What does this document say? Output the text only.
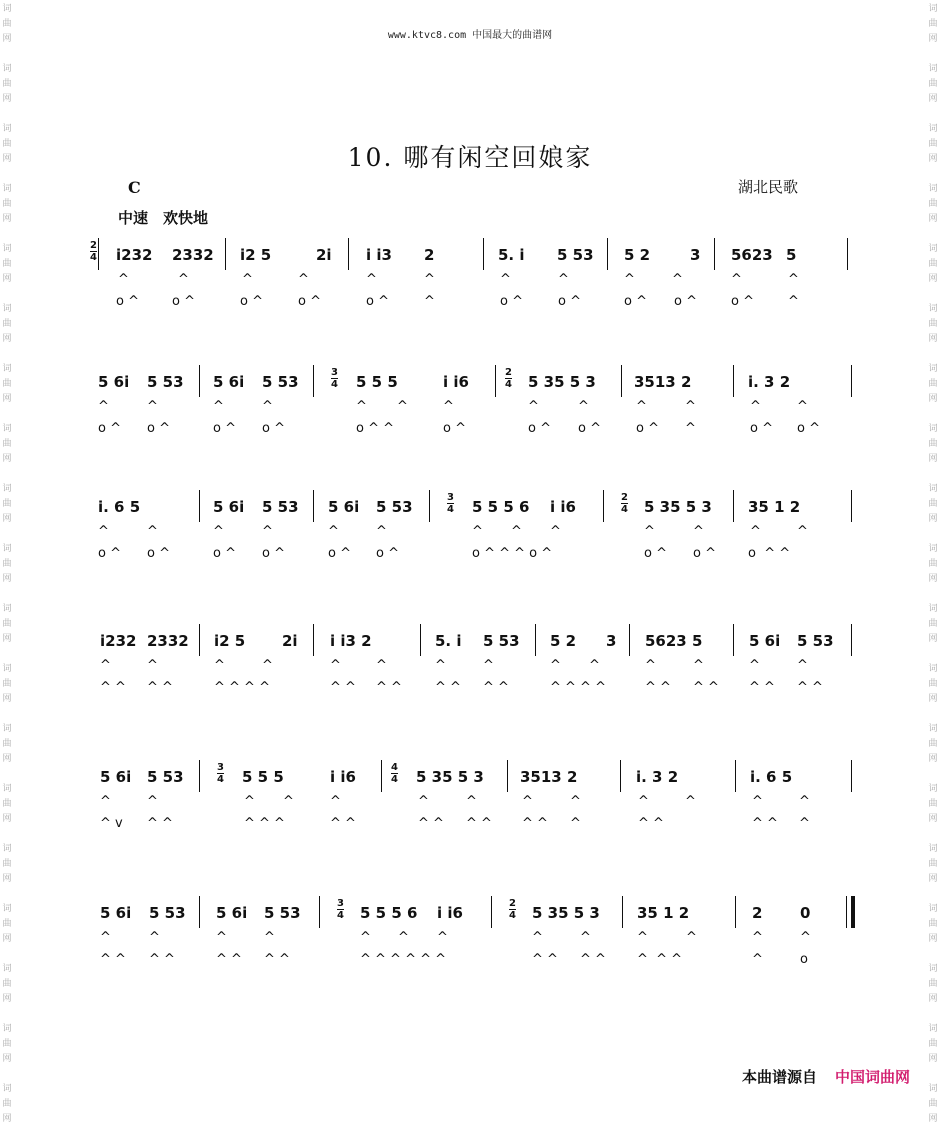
词
曲
网
词
曲
网
词
曲
网
词
曲
网
词
曲
网
词
曲
网
词
曲
网
词
曲
网
词
曲
网
词
曲
网
词
曲
网
词
曲
网
词
曲
网
词
曲
网
词
曲
网
词
曲
网
词
曲
网
词
曲
网
词
曲
网
词
曲
网
词
曲
网
词
曲
网
词
曲
网
词
曲
网
词
曲
网
词
曲
网
词
曲
网
词
曲
网
词
曲
网
词
曲
网
词
曲
网
词
曲
网
词
曲
网
词
曲
网
词
曲
网
词
曲
网
词
曲
网
词
曲
网
www.ktvc8.com 中国最大的曲谱网
10. 哪有闲空回娘家
湖北民歌
C
中速　欢快地
i232 2332 i2 5	2i i i3 2	5. i 5 53 5 2	3 5623 5
^	^	^	^	^	^	^	^	^	^	^	^
o ^	o ^	o ^	o ^	o ^	^	o ^	o ^	o ^ o ^	o ^	^
$\frac{2}{4}$
5 6i 5 53 5 6i 5 53	5 5 5	i i6	5 35 5 3	3513 2	i. 3 2
^	^	^	^	^ ^	^	^	^	^	^	^	^
o ^ o ^	o ^ o ^	o ^ ^	o ^	o ^ o ^	o ^ ^	o ^ o ^
$\frac{3}{4}$	$\frac{2}{4}$
i. 6 5	5 6i 5 53 5 6i 5 53	5 5 5 6 i i6	5 35 5 3 35 1 2
^	^	^	^	^	^	^ ^ ^	^	^	^	^
o ^ o ^	o ^ o ^	o ^ o ^	o ^ ^ ^ o ^	o ^ o ^ o  ^ ^
$\frac{3}{4}$	$\frac{2}{4}$
i232 2332 i2 5 2i i i3 2	5. i 5 53 5 2 3 5623 5	5 6i 5 53
^	^	^	^	^	^	^	^	^ ^	^	^	^	^
^ ^ ^ ^	^ ^ ^ ^	^ ^ ^ ^	^ ^ ^ ^	^ ^ ^ ^	^ ^ ^ ^ ^ ^ ^ ^
5 6i 5 53	5 5 5	i i6	5 35 5 3 3513 2	i. 3 2	i. 6 5
^	^	^ ^	^	^	^	^	^	^	^	^	^
^ v ^ ^	^ ^ ^	^ ^	^ ^ ^ ^ ^ ^ ^	^ ^	^ ^ ^
$\frac{3}{4}$	$\frac{4}{4}$
5 6i 5 53 5 6i 5 53	5 5 5 6 i i6	5 35 5 3 35 1 2	2	0
^	^	^	^	^ ^ ^	^	^	^	^	^	^
^ ^ ^ ^	^ ^ ^ ^	^ ^ ^ ^ ^ ^	^ ^ ^ ^ ^  ^ ^	^	o
$\frac{3}{4}$	$\frac{2}{4}$
本曲谱源自 中国词曲网
